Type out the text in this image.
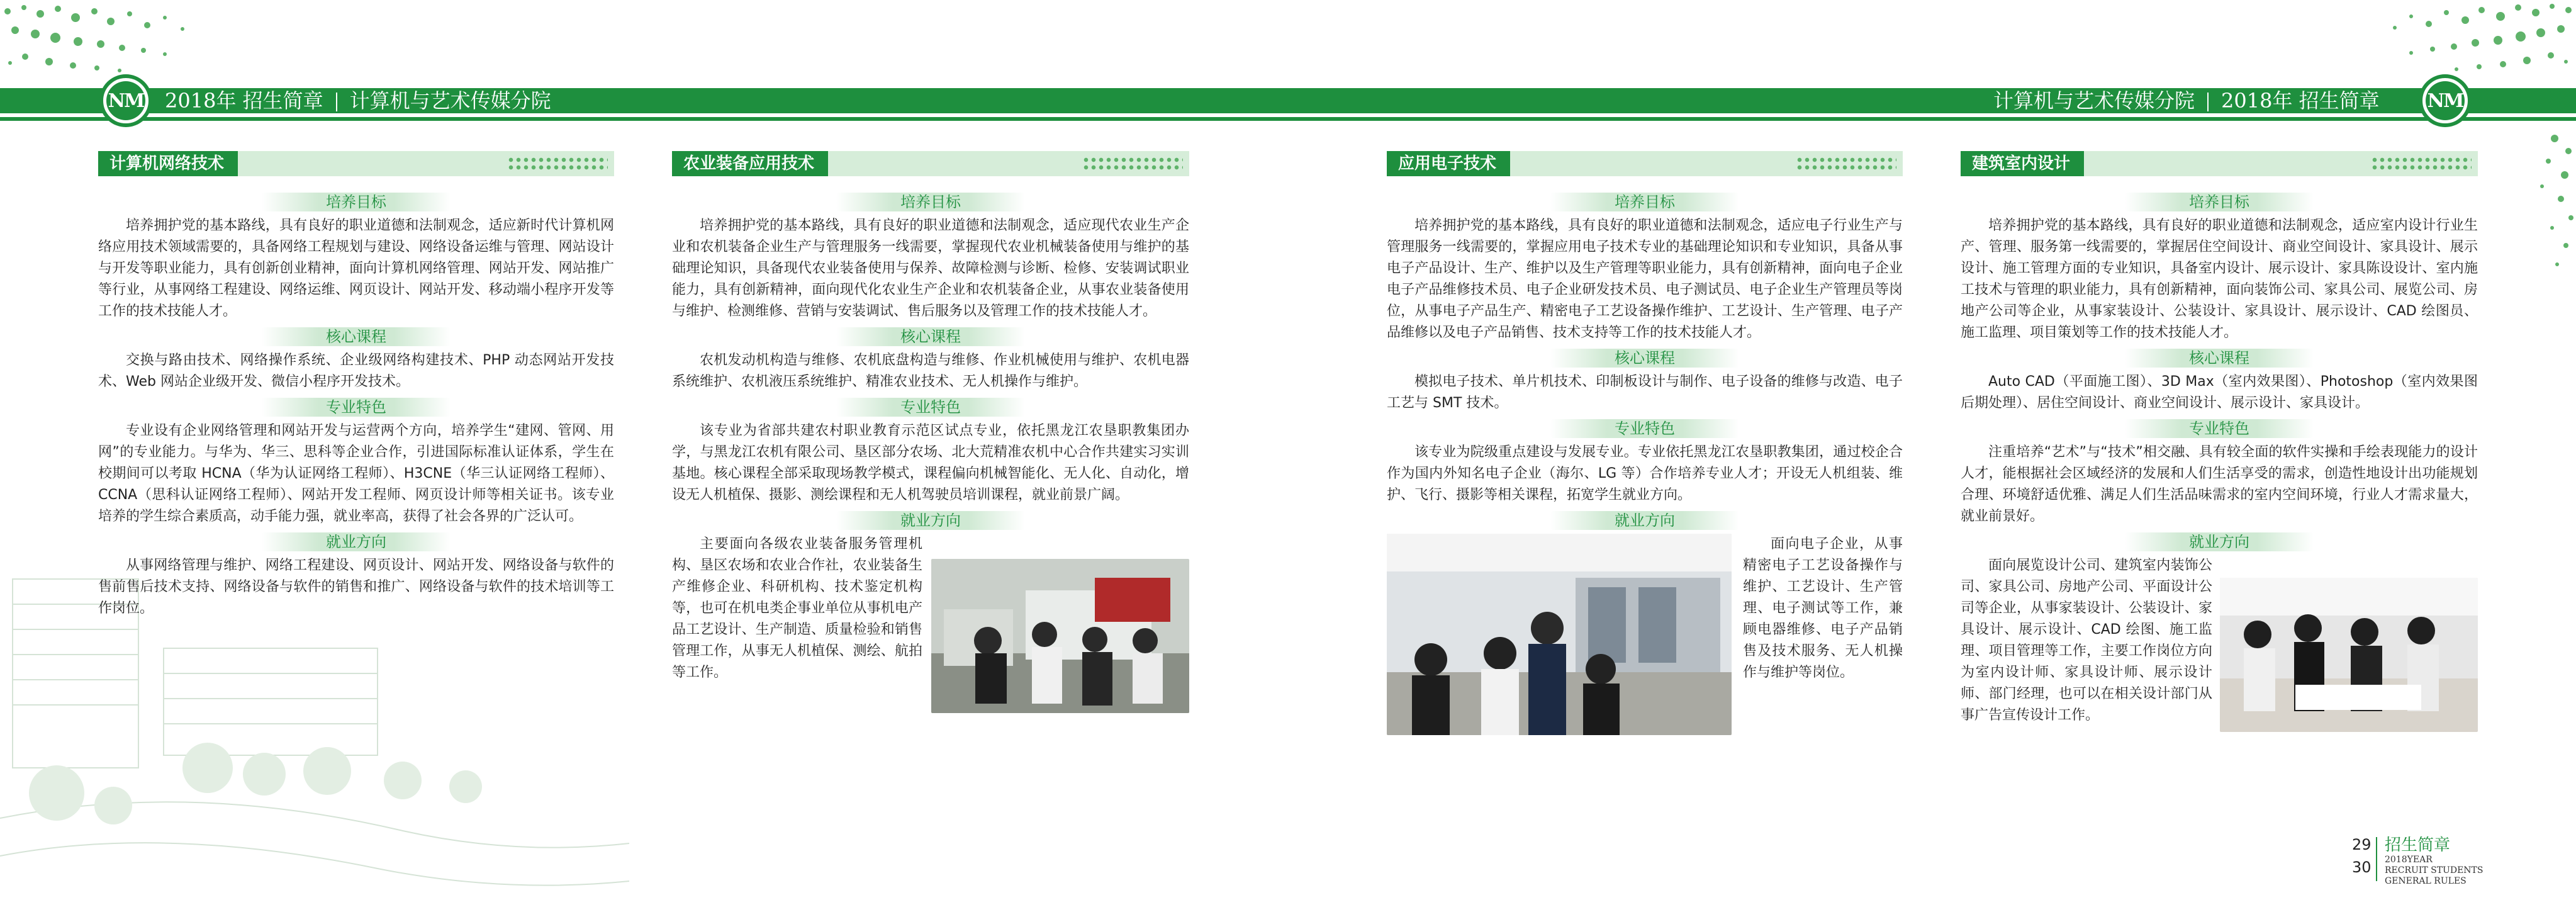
NM	NM
2018年 招生简章 计算机与艺术传媒分院	计算机与艺术传媒分院 2018年 招生简章
计算机网络技术
培养目标

培养拥护党的基本路线，具有良好的职业道德和法制观念，适应新时代计算机网络应用技术领域需要的，具备网络工程规划与建设、网络设备运维与管理、网站设计与开发等职业能力，具有创新创业精神，面向计算机网络管理、网站开发、网站推广等行业，从事网络工程建设、网络运维、网页设计、网站开发、移动端小程序开发等工作的技术技能人才。

核心课程

交换与路由技术、网络操作系统、企业级网络构建技术、PHP 动态网站开发技术、Web 网站企业级开发、微信小程序开发技术。

专业特色

专业设有企业网络管理和网站开发与运营两个方向，培养学生“建网、管网、用网”的专业能力。与华为、华三、思科等企业合作，引进国际标准认证体系，学生在校期间可以考取 HCNA（华为认证网络工程师）、H3CNE（华三认证网络工程师）、CCNA（思科认证网络工程师）、网站开发工程师、网页设计师等相关证书。该专业培养的学生综合素质高，动手能力强，就业率高，获得了社会各界的广泛认可。

就业方向

从事网络管理与维护、网络工程建设、网页设计、网站开发、网络设备与软件的售前售后技术支持、网络设备与软件的销售和推广、网络设备与软件的技术培训等工作岗位。

农业装备应用技术
培养目标

培养拥护党的基本路线，具有良好的职业道德和法制观念，适应现代农业生产企业和农机装备企业生产与管理服务一线需要，掌握现代农业机械装备使用与维护的基础理论知识，具备现代农业装备使用与保养、故障检测与诊断、检修、安装调试职业能力，具有创新精神，面向现代化农业生产企业和农机装备企业，从事农业装备使用与维护、检测维修、营销与安装调试、售后服务以及管理工作的技术技能人才。

核心课程

农机发动机构造与维修、农机底盘构造与维修、作业机械使用与维护、农机电器系统维护、农机液压系统维护、精准农业技术、无人机操作与维护。

专业特色

该专业为省部共建农村职业教育示范区试点专业，依托黑龙江农垦职教集团办学，与黑龙江农机有限公司、垦区部分农场、北大荒精准农机中心合作共建实习实训基地。核心课程全部采取现场教学模式，课程偏向机械智能化、无人化、自动化，增设无人机植保、摄影、测绘课程和无人机驾驶员培训课程，就业前景广阔。

就业方向

主要面向各级农业装备服务管理机构、垦区农场和农业合作社，农业装备生产维修企业、科研机构、技术鉴定机构等，也可在机电类企事业单位从事机电产品工艺设计、生产制造、质量检验和销售管理工作，从事无人机植保、测绘、航拍等工作。

应用电子技术
培养目标

培养拥护党的基本路线，具有良好的职业道德和法制观念，适应电子行业生产与管理服务一线需要的，掌握应用电子技术专业的基础理论知识和专业知识，具备从事电子产品设计、生产、维护以及生产管理等职业能力，具有创新精神，面向电子企业电子产品维修技术员、电子企业研发技术员、电子测试员、电子企业生产管理员等岗位，从事电子产品生产、精密电子工艺设备操作维护、工艺设计、生产管理、电子产品维修以及电子产品销售、技术支持等工作的技术技能人才。

核心课程

模拟电子技术、单片机技术、印制板设计与制作、电子设备的维修与改造、电子工艺与 SMT 技术。

专业特色

该专业为院级重点建设与发展专业。专业依托黑龙江农垦职教集团，通过校企合作为国内外知名电子企业（海尔、LG 等）合作培养专业人才；开设无人机组装、维护、飞行、摄影等相关课程，拓宽学生就业方向。

就业方向

面向电子企业，从事精密电子工艺设备操作与维护、工艺设计、生产管理、电子测试等工作，兼顾电器维修、电子产品销售及技术服务、无人机操作与维护等岗位。

建筑室内设计
培养目标

培养拥护党的基本路线，具有良好的职业道德和法制观念，适应室内设计行业生产、管理、服务第一线需要的，掌握居住空间设计、商业空间设计、家具设计、展示设计、施工管理方面的专业知识，具备室内设计、展示设计、家具陈设设计、室内施工技术与管理的职业能力，具有创新精神，面向装饰公司、家具公司、展览公司、房地产公司等企业，从事家装设计、公装设计、家具设计、展示设计、CAD 绘图员、施工监理、项目策划等工作的技术技能人才。

核心课程

Auto CAD（平面施工图）、3D Max（室内效果图）、Photoshop（室内效果图后期处理）、居住空间设计、商业空间设计、展示设计、家具设计。

专业特色

注重培养“艺术”与“技术”相交融、具有较全面的软件实操和手绘表现能力的设计人才，能根据社会区域经济的发展和人们生活享受的需求，创造性地设计出功能规划合理、环境舒适优雅、满足人们生活品味需求的室内空间环境，行业人才需求量大，就业前景好。

就业方向

面向展览设计公司、建筑室内装饰公司、家具公司、房地产公司、平面设计公司等企业，从事家装设计、公装设计、家具设计、展示设计、CAD 绘图、施工监理、项目管理等工作，主要工作岗位方向为室内设计师、家具设计师、展示设计师、部门经理，也可以在相关设计部门从事广告宣传设计工作。

29
30
招生简章
2018YEAR
RECRUIT STUDENTS
GENERAL RULES
